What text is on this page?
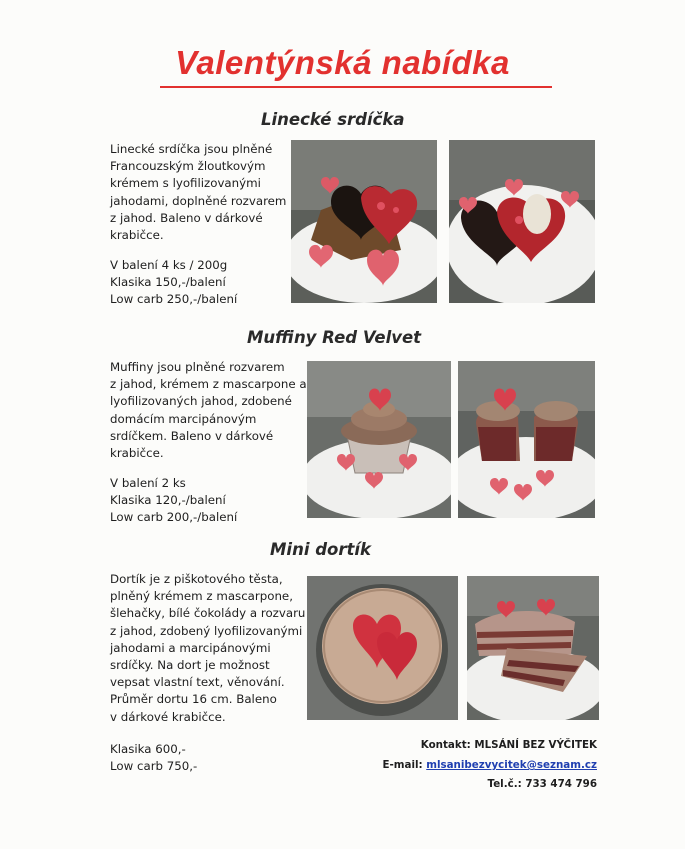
Valentýnská nabídka
Linecké srdíčka
Linecké srdíčka jsou plněné
Francouzským žloutkovým
krémem s lyofilizovanými
jahodami, doplněné rozvarem
z jahod. Baleno v dárkové
krabičce.
V balení 4 ks / 200g
Klasika 150,-/balení
Low carb 250,-/balení
Muffiny Red Velvet
Muffiny jsou plněné rozvarem
z jahod, krémem z mascarpone a
lyofilizovaných jahod, zdobené
domácím marcipánovým
srdíčkem. Baleno v dárkové
krabičce.
V balení 2 ks
Klasika 120,-/balení
Low carb 200,-/balení
Mini dortík
Dortík je z piškotového těsta,
plněný krémem z mascarpone,
šlehačky, bílé čokolády a rozvaru
z jahod, zdobený lyofilizovanými
jahodami a marcipánovými
srdíčky. Na dort je možnost
vepsat vlastní text, věnování.
Průměr dortu 16 cm. Baleno
v dárkové krabičce.
Klasika 600,-
Low carb 750,-
Kontakt: MLSÁNÍ BEZ VÝČITEK
E-mail: mlsanibezvycitek@seznam.cz
Tel.č.: 733 474 796
